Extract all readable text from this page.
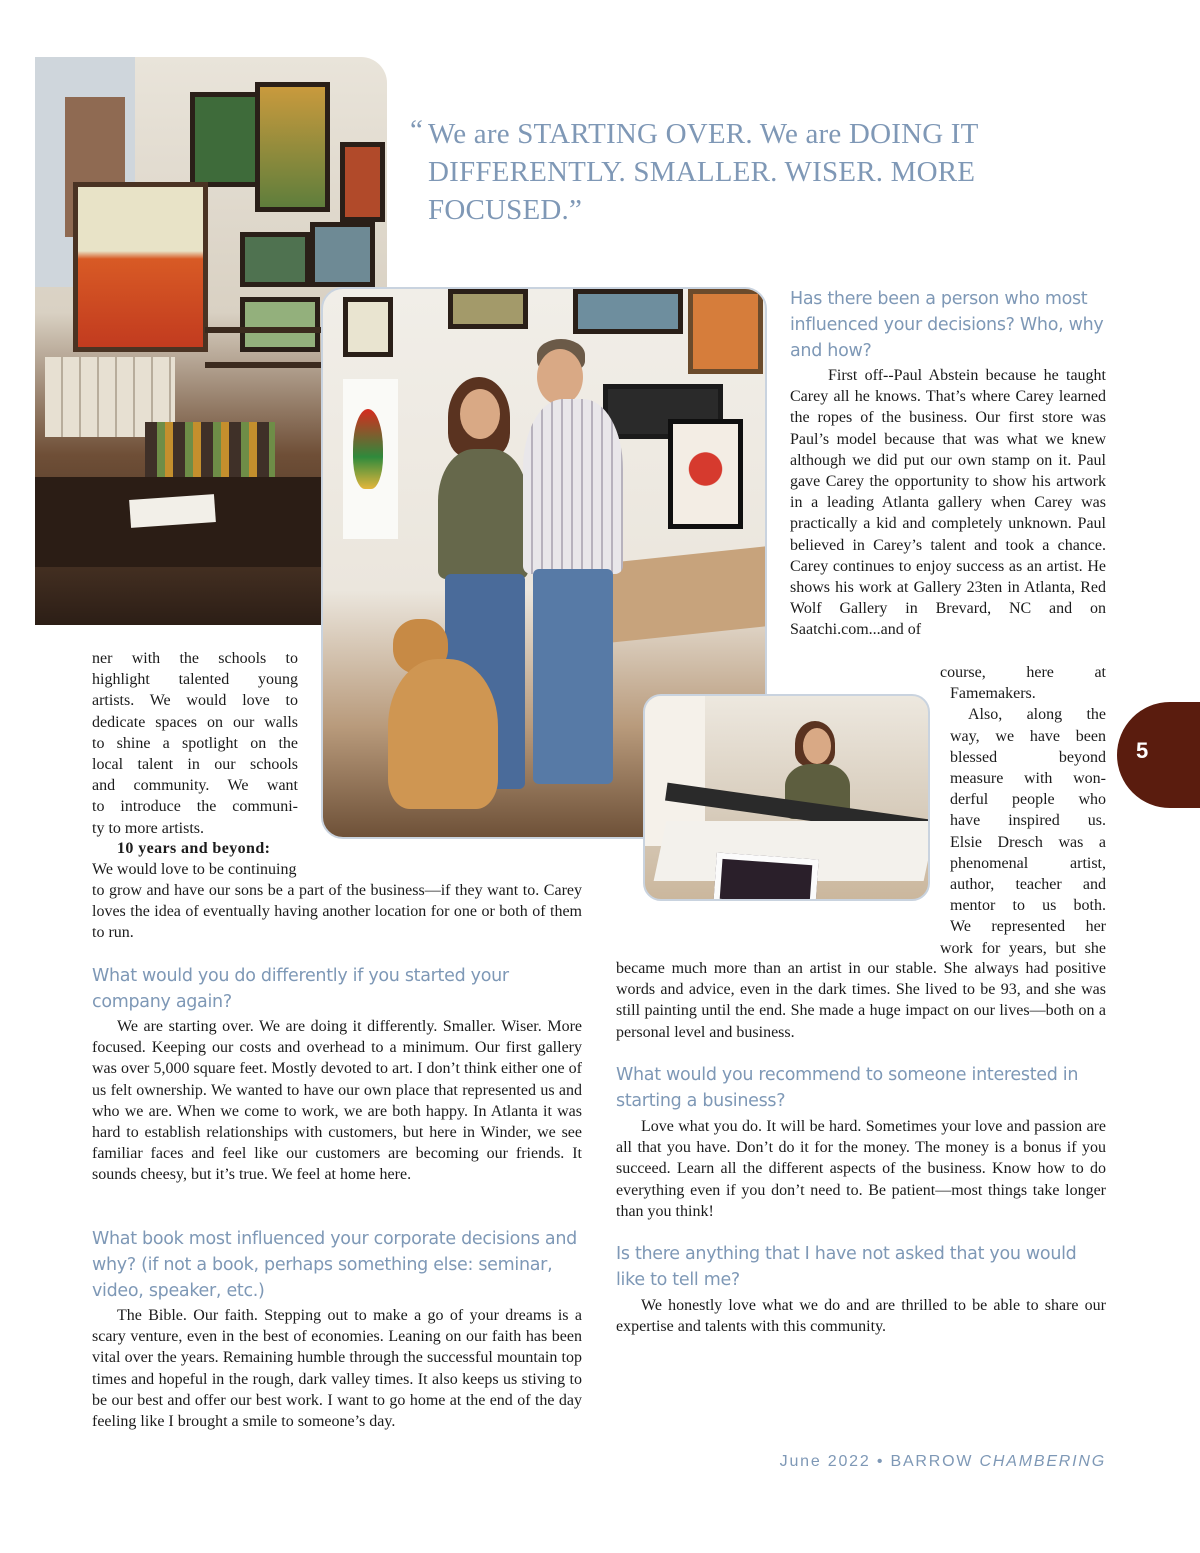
“ We are STARTING OVER. We are DOING IT DIFFERENTLY. SMALLER. WISER. MORE FOCUSED.”
ner with the schools to
highlight talented young
artists. We would love to
dedicate spaces on our walls
to shine a spotlight on the
local talent in our schools
and community. We want
to introduce the communi-
ty to more artists.
10 years and beyond:
We would love to be continuing
to grow and have our sons be a part of the business—if they want to. Carey loves the idea of eventually having another location for one or both of them to run.
What would you do differently if you started your company again?
We are starting over. We are doing it differently. Smaller. Wiser. More focused. Keeping our costs and overhead to a minimum. Our first gallery was over 5,000 square feet. Mostly devoted to art. I don’t think either one of us felt ownership. We wanted to have our own place that represented us and who we are. When we come to work, we are both happy. In Atlanta it was hard to establish relationships with customers, but here in Winder, we see familiar faces and feel like our customers are becoming our friends. It sounds cheesy, but it’s true. We feel at home here.
What book most influenced your corporate decisions and why? (if not a book, perhaps something else: seminar, video, speaker, etc.)
The Bible. Our faith. Stepping out to make a go of your dreams is a scary venture, even in the best of economies. Leaning on our faith has been vital over the years. Remaining humble through the successful mountain top times and hopeful in the rough, dark valley times. It also keeps us stiving to be our best and offer our best work. I want to go home at the end of the day feeling like I brought a smile to someone’s day.
Has there been a person who most influenced your decisions? Who, why and how?
First off--Paul Abstein because he taught Carey all he knows. That’s where Carey learned the ropes of the business. Our first store was Paul’s model because that was what we knew although we did put our own stamp on it. Paul gave Carey the opportunity to show his artwork in a leading Atlanta gallery when Carey was practically a kid and completely unknown. Paul believed in Carey’s talent and took a chance. Carey continues to enjoy success as an artist. He shows his work at Gallery 23ten in Atlanta, Red Wolf Gallery in Brevard, NC and on Saatchi.com...and of
course, here at
Famemakers.
Also, along the
way, we have been
blessed beyond
measure with won-
derful people who
have inspired us.
Elsie Dresch was a
phenomenal artist,
author, teacher and
mentor to us both.
We represented her
work for years, but she
became much more than an artist in our stable. She always had positive words and advice, even in the dark times. She lived to be 93, and she was still painting until the end. She made a huge impact on our lives—both on a personal level and business.
What would you recommend to someone interested in starting a business?
Love what you do. It will be hard. Sometimes your love and passion are all that you have. Don’t do it for the money. The money is a bonus if you succeed. Learn all the different aspects of the business. Know how to do everything even if you don’t need to. Be patient—most things take longer than you think!
Is there anything that I have not asked that you would like to tell me?
We honestly love what we do and are thrilled to be able to share our expertise and talents with this community.
5
June 2022 • BARROW CHAMBERING
